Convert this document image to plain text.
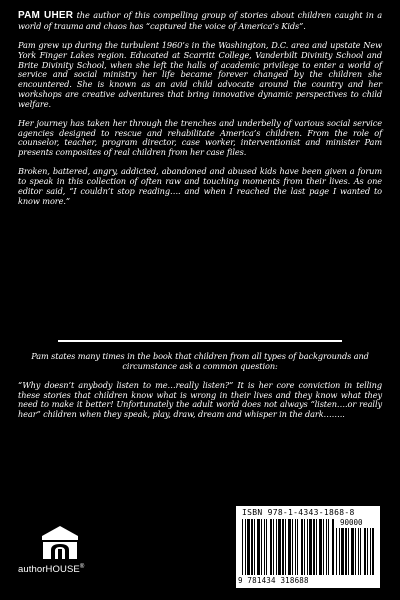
PAM UHER the author of this compelling group of stories about children caught in a world of trauma and chaos has “captured the voice of America’s Kids”.

Pam grew up during the turbulent 1960’s in the Washington, D.C. area and upstate New York Finger Lakes region. Educated at Scarritt College, Vanderbilt Divinity School and Brite Divinity School, when she left the halls of academic privilege to enter a world of service and social ministry her life became forever changed by the children she encountered. She is known as an avid child advocate around the country and her workshops are creative adventures that bring innovative dynamic perspectives to child welfare.

Her journey has taken her through the trenches and underbelly of various social service agencies designed to rescue and rehabilitate America’s children. From the role of counselor, teacher, program director, case worker, interventionist and minister Pam presents composites of real children from her case files.

Broken, battered, angry, addicted, abandoned and abused kids have been given a forum to speak in this collection of often raw and touching moments from their lives. As one editor said, “I couldn’t stop reading…. and when I reached the last page I wanted to know more.”

Pam states many times in the book that children from all types of backgrounds and circumstance ask a common question:

“Why doesn’t anybody listen to me…really listen?” It is her core conviction in telling these stories that children know what is wrong in their lives and they know what they need to make it better! Unfortunately the adult world does not always “listen….or really hear” children when they speak, play, draw, dream and whisper in the dark……..

authorHOUSE®
ISBN 978-1-4343-1868-8
90000
9 781434 318688
